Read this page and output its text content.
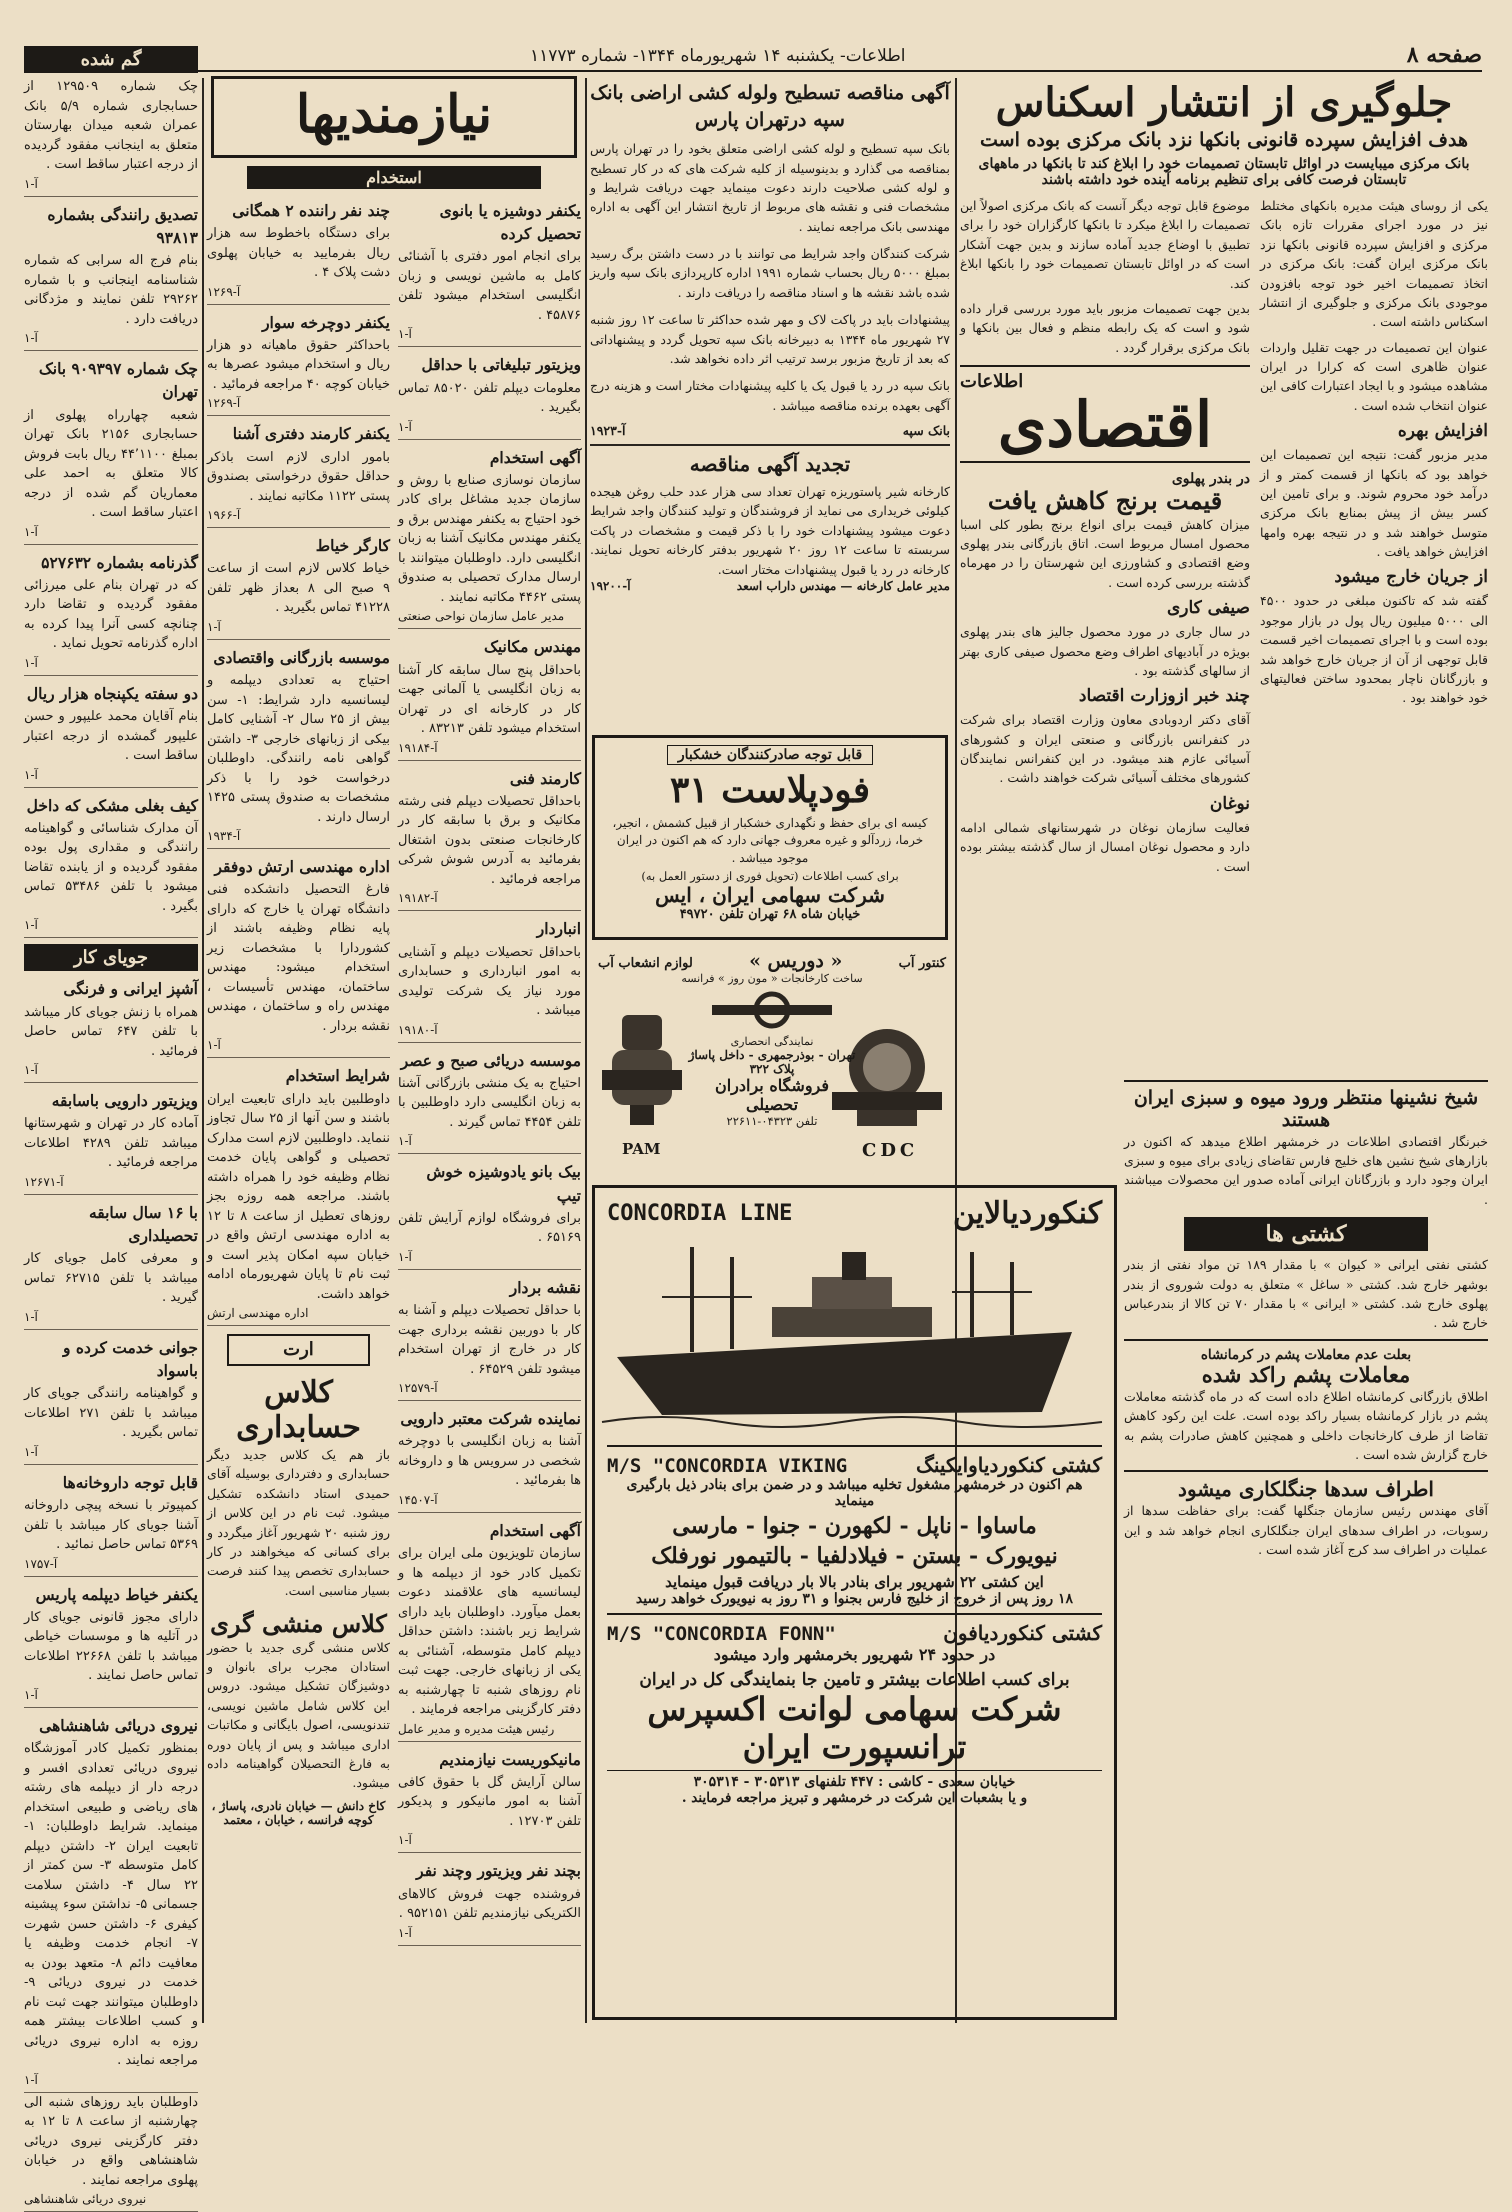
صفحه ۸
اطلاعات- یکشنبه ۱۴ شهریورماه ۱۳۴۴- شماره ۱۱۷۷۳
گم شده
چک شماره ۱۲۹۵۰۹ از حسابجاری شماره ۵/۹ بانک عمران شعبه میدان بهارستان متعلق به اینجانب مفقود گردیده از درجه اعتبار ساقط است .
آ-۱
تصدیق رانندگی بشماره ۹۳۸۱۳
بنام فرج اله سرابی که شماره شناسنامه اینجانب و با شماره ۲۹۲۶۲ تلفن نمایند و مژدگانی دریافت دارد .
آ-۱
چک شماره ۹۰۹۳۹۷ بانک تهران
شعبه چهارراه پهلوی از حسابجاری ۲۱۵۶ بانک تهران بمبلغ ۴۴٬۱۱۰۰ ریال بابت فروش کالا متعلق به احمد علی معماریان گم شده از درجه اعتبار ساقط است .
آ-۱
گذرنامه بشماره ۵۲۷۶۳۲
که در تهران بنام علی میرزائی مفقود گردیده و تقاضا دارد چنانچه کسی آنرا پیدا کرده به اداره گذرنامه تحویل نماید .
آ-۱
دو سفته یکپنجاه هزار ریال
بنام آقایان محمد علیپور و حسن علیپور گمشده از درجه اعتبار ساقط است .
آ-۱
کیف بغلی مشکی که داخل
آن مدارک شناسائی و گواهینامه رانندگی و مقداری پول بوده مفقود گردیده و از یابنده تقاضا میشود با تلفن ۵۳۴۸۶ تماس بگیرد .
آ-۱
جویای کار
آشپز ایرانی و فرنگی
همراه با زنش جویای کار میباشد با تلفن ۶۴۷ تماس حاصل فرمائید .
آ-۱
ویزیتور دارویی باسابقه
آماده کار در تهران و شهرستانها میباشد تلفن ۴۲۸۹ اطلاعات مراجعه فرمائید .
آ-۱۲۶۷۱
با ۱۶ سال سابقه تحصیلداری
و معرفی کامل جویای کار میباشد با تلفن ۶۲۷۱۵ تماس گیرید .
آ-۱
جوانی خدمت کرده و باسواد
و گواهینامه رانندگی جویای کار میباشد با تلفن ۲۷۱ اطلاعات تماس بگیرید .
آ-۱
قابل توجه داروخانه‌ها
کمپیوتر با نسخه پیچی داروخانه آشنا جویای کار میباشد با تلفن ۵۳۶۹ تماس حاصل نمائید .
آ-۱۷۵۷
یکنفر خیاط دیپلمه پاریس
دارای مجوز قانونی جویای کار در آتلیه ها و موسسات خیاطی میباشد با تلفن ۲۲۶۶۸ اطلاعات تماس حاصل نمایند .
آ-۱
نیروی دریائی شاهنشاهی
بمنظور تکمیل کادر آموزشگاه نیروی دریائی تعدادی افسر و درجه دار از دیپلمه های رشته های ریاضی و طبیعی استخدام مینماید. شرایط داوطلبان: ۱- تابعیت ایران ۲- داشتن دیپلم کامل متوسطه ۳- سن کمتر از ۲۲ سال ۴- داشتن سلامت جسمانی ۵- نداشتن سوء پیشینه کیفری ۶- داشتن حسن شهرت ۷- انجام خدمت وظیفه یا معافیت دائم ۸- متعهد بودن به خدمت در نیروی دریائی ۹- داوطلبان میتوانند جهت ثبت نام و کسب اطلاعات بیشتر همه روزه به اداره نیروی دریائی مراجعه نمایند .
آ-۱
داوطلبان باید روزهای شنبه الی چهارشنبه از ساعت ۸ تا ۱۲ به دفتر کارگزینی نیروی دریائی شاهنشاهی واقع در خیابان پهلوی مراجعه نمایند .
نیروی دریائی شاهنشاهی
نیازمندیها
استخدام
یکنفر دوشیزه یا بانوی تحصیل کرده
برای انجام امور دفتری با آشنائی کامل به ماشین نویسی و زبان انگلیسی استخدام میشود تلفن ۴۵۸۷۶ .
آ-۱
ویزیتور تبلیغاتی با حداقل
معلومات دیپلم تلفن ۸۵۰۲۰ تماس بگیرید .
آ-۱
آگهی استخدام
سازمان نوسازی صنایع با روش و سازمان جدید مشاغل برای کادر خود احتیاج به یکنفر مهندس برق و یکنفر مهندس مکانیک آشنا به زبان انگلیسی دارد. داوطلبان میتوانند با ارسال مدارک تحصیلی به صندوق پستی ۴۴۶۲ مکاتبه نمایند .
مدیر عامل سازمان نواحی صنعتی
مهندس مکانیک
باحداقل پنج سال سابقه کار آشنا به زبان انگلیسی یا آلمانی جهت کار در کارخانه ای در تهران استخدام میشود تلفن ۸۳۲۱۳ .
آ-۱۹۱۸۴
کارمند فنی
باحداقل تحصیلات دیپلم فنی رشته مکانیک و برق با سابقه کار در کارخانجات صنعتی بدون اشتغال بفرمائید به آدرس شوش شرکی مراجعه فرمائید .
آ-۱۹۱۸۲
انباردار
باحداقل تحصیلات دیپلم و آشنایی به امور انبارداری و حسابداری مورد نیاز یک شرکت تولیدی میباشد .
آ-۱۹۱۸۰
موسسه دریائی صبح و عصر
احتیاج به یک منشی بازرگانی آشنا به زبان انگلیسی دارد داوطلبین با تلفن ۴۴۵۴ تماس گیرند .
آ-۱
بیک بانو یادوشیزه خوش تیپ
برای فروشگاه لوازم آرایش تلفن ۶۵۱۶۹ .
آ-۱
نقشه بردار
با حداقل تحصیلات دیپلم و آشنا به کار با دوربین نقشه برداری جهت کار در خارج از تهران استخدام میشود تلفن ۶۴۵۲۹ .
آ-۱۲۵۷۹
نماینده شرکت معتبر دارویی
آشنا به زبان انگلیسی با دوچرخه شخصی در سرویس ها و داروخانه ها بفرمائید .
آ-۱۴۵۰۷
آگهی استخدام
سازمان تلویزیون ملی ایران برای تکمیل کادر خود از دیپلمه ها و لیسانسیه های علاقمند دعوت بعمل میآورد. داوطلبان باید دارای شرایط زیر باشند: داشتن حداقل دیپلم کامل متوسطه، آشنائی به یکی از زبانهای خارجی. جهت ثبت نام روزهای شنبه تا چهارشنبه به دفتر کارگزینی مراجعه فرمایند .
رئیس هیئت مدیره و مدیر عامل
مانیکوریست نیازمندیم
سالن آرایش گل با حقوق کافی آشنا به امور مانیکور و پدیکور تلفن ۱۲۷۰۳ .
آ-۱
بچند نفر ویزیتور وچند نفر
فروشنده جهت فروش کالاهای الکتریکی نیازمندیم تلفن ۹۵۲۱۵۱ .
آ-۱
چند نفر راننده ۲ همگانی
برای دستگاه باخطوط سه هزار ریال بفرمایید به خیابان پهلوی دشت پلاک ۴ .
آ-۱۲۶۹
یکنفر دوچرخه سوار
باحداکثر حقوق ماهیانه دو هزار ریال و استخدام میشود عصرها به خیابان کوچه ۴۰ مراجعه فرمائید .
آ-۱۲۶۹
یکنفر کارمند دفتری آشنا
بامور اداری لازم است باذکر حداقل حقوق درخواستی بصندوق پستی ۱۱۲۲ مکاتبه نمایند .
آ-۱۹۶۶
کارگر خیاط
خیاط کلاس لازم است از ساعت ۹ صبح الی ۸ بعداز ظهر تلفن ۴۱۲۲۸ تماس بگیرید .
آ-۱
موسسه بازرگانی واقتصادی
احتیاج به تعدادی دیپلمه و لیسانسیه دارد شرایط: ۱- سن بیش از ۲۵ سال ۲- آشنایی کامل بیکی از زبانهای خارجی ۳- داشتن گواهی نامه رانندگی. داوطلبان درخواست خود را با ذکر مشخصات به صندوق پستی ۱۴۲۵ ارسال دارند .
آ-۱۹۳۴
اداره مهندسی ارتش دوفقر
فارغ التحصیل دانشکده فنی دانشگاه تهران یا خارج که دارای پایه نظام وظیفه باشند از کشوردارا با مشخصات زیر استخدام میشود: مهندس ساختمان، مهندس تأسیسات ، مهندس راه و ساختمان ، مهندس نقشه بردار .
آ-۱
شرایط استخدام
داوطلبین باید دارای تابعیت ایران باشند و سن آنها از ۲۵ سال تجاوز ننماید. داوطلبین لازم است مدارک تحصیلی و گواهی پایان خدمت نظام وظیفه خود را همراه داشته باشند. مراجعه همه روزه بجز روزهای تعطیل از ساعت ۸ تا ۱۲ به اداره مهندسی ارتش واقع در خیابان سپه امکان پذیر است و ثبت نام تا پایان شهریورماه ادامه خواهد داشت.
اداره مهندسی ارتش
ارت
کلاس حسابداری
باز هم یک کلاس جدید دیگر حسابداری و دفترداری بوسیله آقای حمیدی استاد دانشکده تشکیل میشود. ثبت نام در این کلاس از روز شنبه ۲۰ شهریور آغاز میگردد و برای کسانی که میخواهند در کار حسابداری تخصص پیدا کنند فرصت بسیار مناسبی است.
کلاس منشی گری
کلاس منشی گری جدید با حضور استادان مجرب برای بانوان و دوشیزگان تشکیل میشود. دروس این کلاس شامل ماشین نویسی، تندنویسی، اصول بایگانی و مکاتبات اداری میباشد و پس از پایان دوره به فارغ التحصیلان گواهینامه داده میشود.
کاخ دانش — خیابان نادری، پاساژ ، کوچه فرانسه ، خیابان ، معتمد
آگهی مناقصه تسطیح ولوله کشی اراضی بانک سپه درتهران پارس

بانک سپه تسطیح و لوله کشی اراضی متعلق بخود را در تهران پارس بمناقصه می گذارد و بدینوسیله از کلیه شرکت های که در کار تسطیح و لوله کشی صلاحیت دارند دعوت مینماید جهت دریافت شرایط و مشخصات فنی و نقشه های مربوط از تاریخ انتشار این آگهی به اداره مهندسی بانک مراجعه نمایند .

شرکت کنندگان واجد شرایط می توانند با در دست داشتن برگ رسید بمبلغ ۵۰۰۰ ریال بحساب شماره ۱۹۹۱ اداره کارپردازی بانک سپه واریز شده باشد نقشه ها و اسناد مناقصه را دریافت دارند .

پیشنهادات باید در پاکت لاک و مهر شده حداکثر تا ساعت ۱۲ روز شنبه ۲۷ شهریور ماه ۱۳۴۴ به دبیرخانه بانک سپه تحویل گردد و پیشنهاداتی که بعد از تاریخ مزبور برسد ترتیب اثر داده نخواهد شد.

بانک سپه در رد یا قبول یک یا کلیه پیشنهادات مختار است و هزینه درج آگهی بعهده برنده مناقصه میباشد .

بانک سپه
آ-۱۹۲۳
تجدید آگهی مناقصه
کارخانه شیر پاستوریزه تهران تعداد سی هزار عدد حلب روغن هیجده کیلوئی خریداری می نماید از فروشندگان و تولید کنندگان واجد شرایط دعوت میشود پیشنهادات خود را با ذکر قیمت و مشخصات در پاکت سربسته تا ساعت ۱۲ روز ۲۰ شهریور بدفتر کارخانه تحویل نمایند. کارخانه در رد یا قبول پیشنهادات مختار است.
مدیر عامل کارخانه — مهندس داراب اسعد
آ-۱۹۲۰۰
قابل توجه صادرکنندگان خشکبار
فودپلاست ۳۱
کیسه ای برای حفظ و نگهداری خشکبار از قبیل کشمش ، انجیر، خرما، زردآلو و غیره معروف جهانی دارد که هم اکنون در ایران موجود میباشد .
برای کسب اطلاعات (تحویل فوری از دستور العمل به)
شرکت سهامی ایران ، ایس
خیابان شاه ۶۸ تهران تلفن ۴۹۷۲۰
کنتور آب
« دوریس »
لوازم انشعاب آب
ساخت کارخانجات « مون روز » فرانسه
نمایندگی انحصاری
تهران - بوذرجمهری - داخل پاساژ پلاک ۳۲۲
فروشگاه برادران تحصیلی
تلفن ۰۴۳۲۳-۲۲۶۱۱
PAM	CDC
کنکوردیالاین
CONCORDIA LINE
کشتی کنکوردیاوایکینگ
M/S "CONCORDIA VIKING
هم اکنون در خرمشهر مشغول تخلیه میباشد و در ضمن برای بنادر ذیل بارگیری مینماید
ماساوا - ناپل - لکهورن - جنوا - مارسی
نیویورک - بستن - فیلادلفیا - بالتیمور نورفلک
این کشتی ۲۲ شهریور برای بنادر بالا بار دریافت قبول مینماید
۱۸ روز پس از خروج از خلیج فارس بجنوا و ۳۱ روز به نیویورک خواهد رسید
کشتی کنکوردیافون
M/S "CONCORDIA FONN"
در حدود ۲۴ شهریور بخرمشهر وارد میشود
برای کسب اطلاعات بیشتر و تامین جا بنمایندگی کل در ایران
شرکت سهامی لوانت اکسپرس
ترانسپورت ایران
خیابان سعدی - کاشی : ۴۴۷ تلفنهای ۳۰۵۳۱۳ - ۳۰۵۳۱۴
و یا بشعبات این شرکت در خرمشهر و تبریز مراجعه فرمایند .
جلوگیری از انتشار اسکناس
هدف افزایش سپرده قانونی بانکها نزد بانک مرکزی بوده است
بانک مرکزی میبایست در اوائل تابستان تصمیمات خود را ابلاغ کند تا بانکها در ماههای تابستان فرصت کافی برای تنظیم برنامه آینده خود داشته باشند
یکی از روسای هیئت مدیره بانکهای مختلط نیز در مورد اجرای مقررات تازه بانک مرکزی و افزایش سپرده قانونی بانکها نزد بانک مرکزی ایران گفت: بانک مرکزی در اتخاذ تصمیمات اخیر خود توجه بافزودن موجودی بانک مرکزی و جلوگیری از انتشار اسکناس داشته است .
عنوان این تصمیمات در جهت تقلیل واردات عنوان ظاهری است که کرارا در ایران مشاهده میشود و با ایجاد اعتبارات کافی این عنوان انتخاب شده است .
افزایش بهره
مدیر مزبور گفت: نتیجه این تصمیمات این خواهد بود که بانکها از قسمت کمتر و از درآمد خود محروم شوند. و برای تامین این کسر بیش از پیش بمنابع بانک مرکزی متوسل خواهند شد و در نتیجه بهره وامها افزایش خواهد یافت .
از جریان خارج میشود
گفته شد که تاکنون مبلغی در حدود ۴۵۰۰ الی ۵۰۰۰ میلیون ریال پول در بازار موجود بوده است و با اجرای تصمیمات اخیر قسمت قابل توجهی از آن از جریان خارج خواهد شد و بازرگانان ناچار بمحدود ساختن فعالیتهای خود خواهند بود .
موضوع قابل توجه دیگر آنست که بانک مرکزی اصولاً این تصمیمات را ابلاغ میکرد تا بانکها کارگزاران خود را برای تطبیق با اوضاع جدید آماده سازند و بدین جهت آشکار است که در اوائل تابستان تصمیمات خود را بانکها ابلاغ کند.
بدین جهت تصمیمات مزبور باید مورد بررسی قرار داده شود و است که یک رابطه منظم و فعال بین بانکها و بانک مرکزی برقرار گردد .
اطلاعات
اقتصادی
در بندر پهلوی
قیمت برنج کاهش یافت
میزان کاهش قیمت برای انواع برنج بطور کلی اسبا محصول امسال مربوط است. اتاق بازرگانی بندر پهلوی وضع اقتصادی و کشاورزی این شهرستان را در مهرماه گذشته بررسی کرده است .
صیفی کاری
در سال جاری در مورد محصول جالیز های بندر پهلوی بویژه در آبادیهای اطراف وضع محصول صیفی کاری بهتر از سالهای گذشته بود .
چند خبر ازوزارت اقتصاد
آقای دکتر اردوبادی معاون وزارت اقتصاد برای شرکت در کنفرانس بازرگانی و صنعتی ایران و کشورهای آسیائی عازم هند میشود. در این کنفرانس نمایندگان کشورهای مختلف آسیائی شرکت خواهند داشت .
نوغان
فعالیت سازمان نوغان در شهرستانهای شمالی ادامه دارد و محصول نوغان امسال از سال گذشته بیشتر بوده است .
شیخ نشینها منتظر ورود میوه و سبزی ایران هستند
خبرنگار اقتصادی اطلاعات در خرمشهر اطلاع میدهد که اکنون در بازارهای شیخ نشین های خلیج فارس تقاضای زیادی برای میوه و سبزی ایران وجود دارد و بازرگانان ایرانی آماده صدور این محصولات میباشند .
کشتی ها
کشتی نفتی ایرانی « کیوان » با مقدار ۱۸۹ تن مواد نفتی از بندر بوشهر خارج شد. کشتی « ساغل » متعلق به دولت شوروی از بندر پهلوی خارج شد. کشتی « ایرانی » با مقدار ۷۰ تن کالا از بندرعباس خارج شد .
بعلت عدم معاملات پشم در کرمانشاه
معاملات پشم راکد شده
اطلاق بازرگانی کرمانشاه اطلاع داده است که در ماه گذشته معاملات پشم در بازار کرمانشاه بسیار راکد بوده است. علت این رکود کاهش تقاضا از طرف کارخانجات داخلی و همچنین کاهش صادرات پشم به خارج گزارش شده است .
اطراف سدها جنگلکاری میشود
آقای مهندس رئیس سازمان جنگلها گفت: برای حفاظت سدها از رسوبات، در اطراف سدهای ایران جنگلکاری انجام خواهد شد و این عملیات در اطراف سد کرج آغاز شده است .
